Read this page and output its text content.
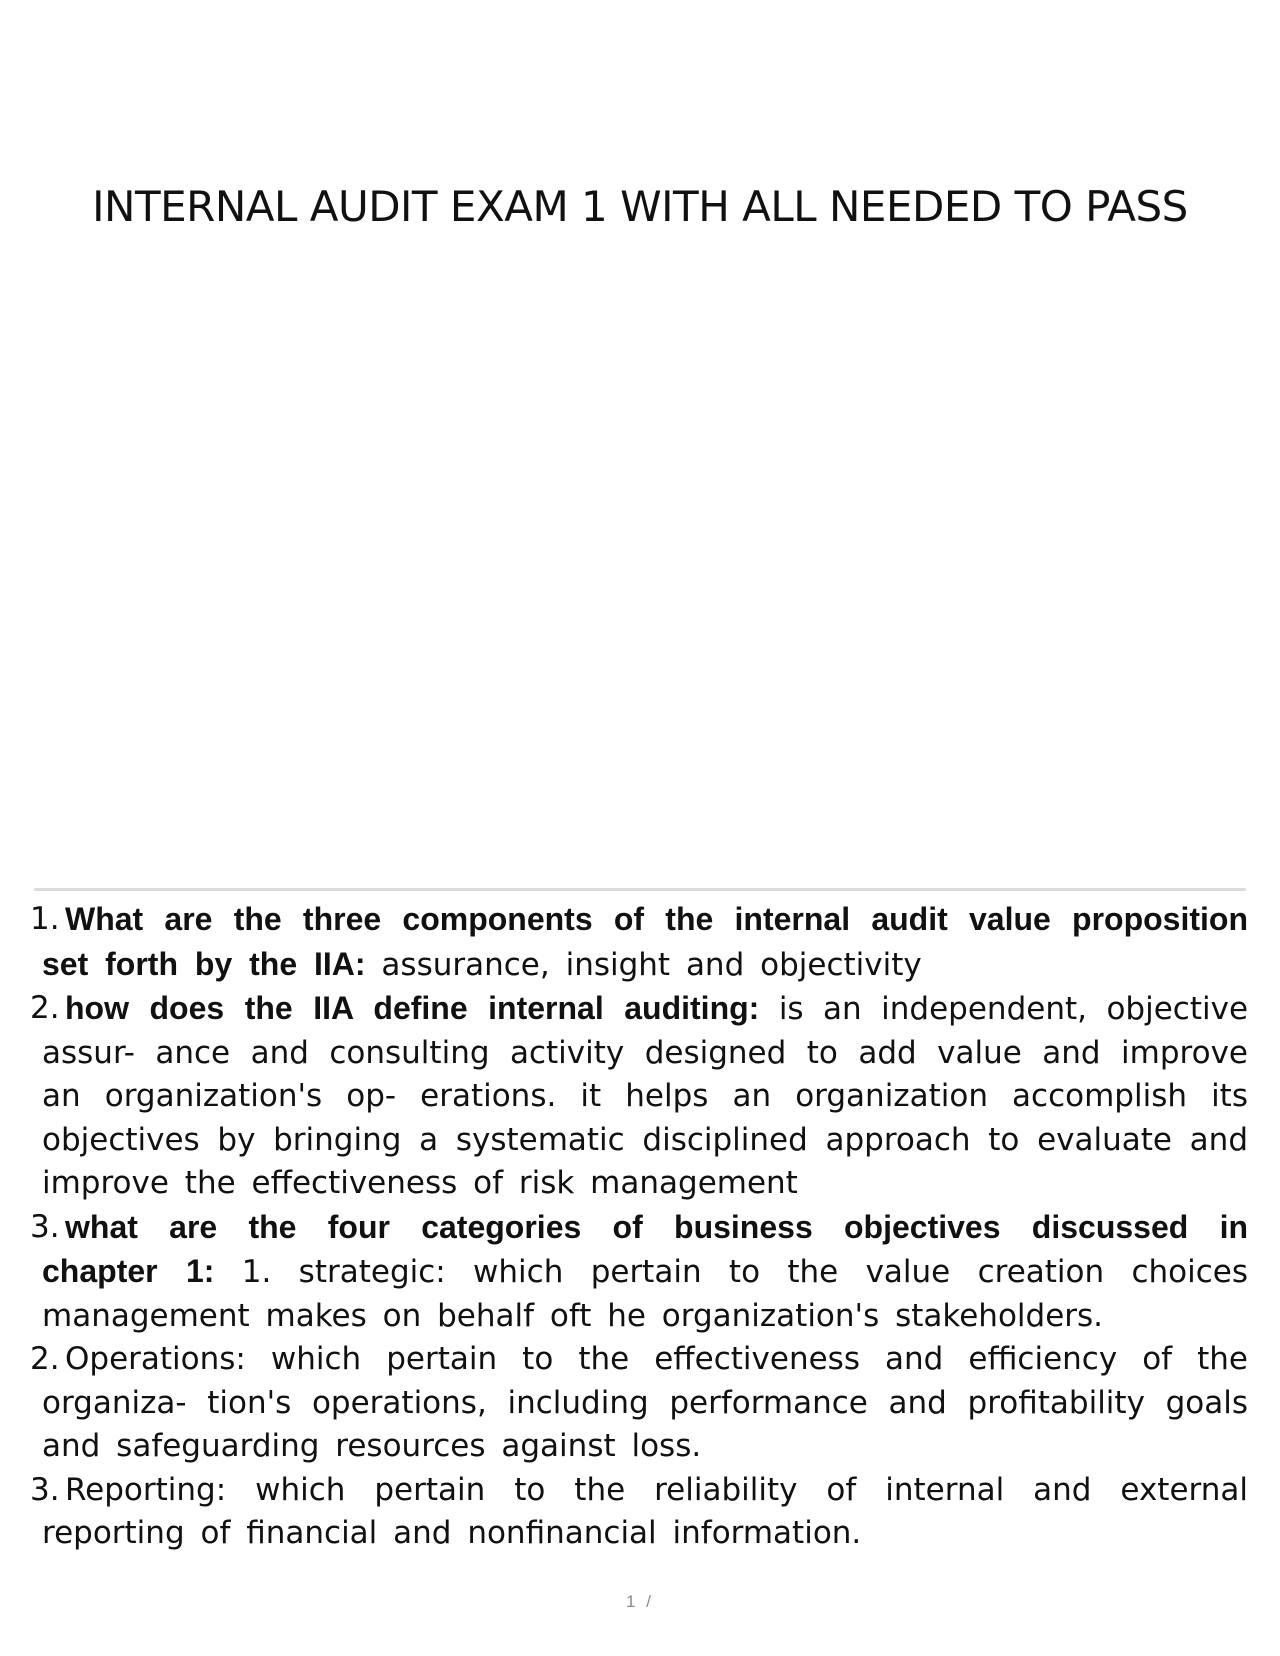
INTERNAL AUDIT EXAM 1 WITH ALL NEEDED TO PASS
1. What are the three components of the internal audit value proposition set forth by the IIA: assurance, insight and objectivity
2. how does the IIA define internal auditing: is an independent, objective assur- ance and consulting activity designed to add value and improve an organization's op- erations. it helps an organization accomplish its objectives by bringing a systematic disciplined approach to evaluate and improve the effectiveness of risk management
3. what are the four categories of business objectives discussed in chapter 1: 1. strategic: which pertain to the value creation choices management makes on behalf oft he organization's stakeholders.
2. Operations: which pertain to the effectiveness and efficiency of the organiza- tion's operations, including performance and profitability goals and safeguarding resources against loss.
3. Reporting: which pertain to the reliability of internal and external reporting of financial and nonfinancial information.
1 /
